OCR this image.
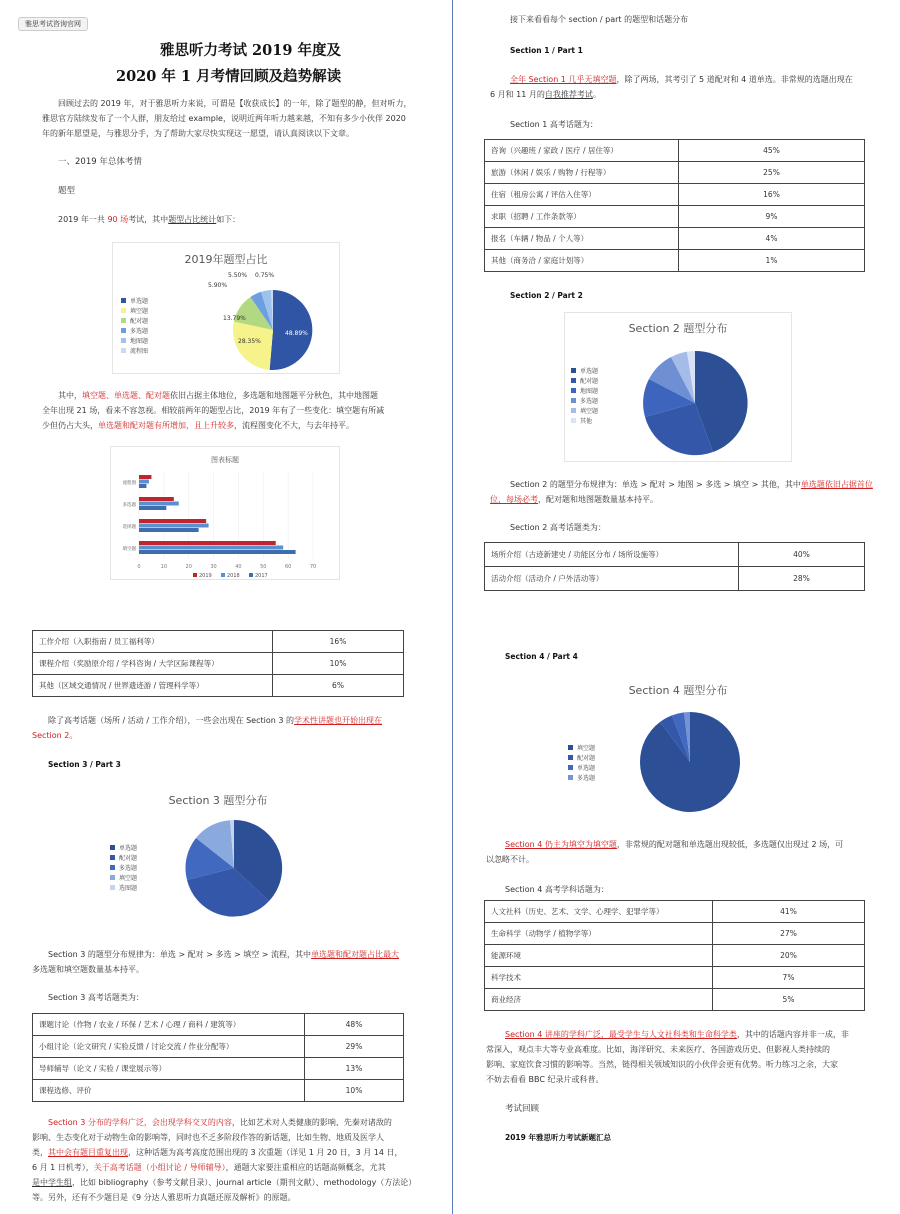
雅思考试咨询官网
雅思听力考试 2019 年度及
2020 年 1 月考情回顾及趋势解读
回顾过去的 2019 年，对于雅思听力来说，可谓是【收获成长】的一年，除了题型的静，但对听力，
雅思官方陆续发布了一个人群，朋友给过 example，说明近两年听力越来越，不知有多少小伙伴 2020
年的新年愿望是，与雅思分手，为了帮助大家尽快实现这一愿望，请认真阅读以下文章。
一、2019 年总体考情
题型
2019 年一共 90 场考试，其中题型占比统计如下：
2019年题型占比
单选题
填空题
配对题
多选题
地图题
流程图
48.89%
28.35%
13.79%
5.90%
5.50% 0.75%
其中，填空题、单选题、配对题依旧占据主体地位，多选题和地图题平分秋色，其中地图题
全年出现 21 场，看来不容忽视。相较前两年的题型占比，2019 年有了一些变化：填空题有所减
少但仍占大头，单选题和配对题有所增加，且上升较多，流程图变化不大，与去年持平。
图表标题
0	10	20	30	40	50	60	70
流程图
多选题
选择题
填空题
2019	2018	2017
工作介绍（入职指南 / 员工福利等）	16%
课程介绍（奖励原介绍 / 学科咨询 / 大学区际课程等）	10%
其他（区域交通情况 / 世界遗迹游 / 管理科学等）	6%
除了高考话题（场所 / 活动 / 工作介绍），一些会出现在 Section 3 的学术性讲题也开始出现在
Section 2。
Section 3 / Part 3
Section 3 题型分布
单选题
配对题
多选题
填空题
选图题
Section 3 的题型分布规律为：单选 > 配对 > 多选 > 填空 > 流程，其中单选题和配对题占比最大
多选题和填空题数量基本持平。
Section 3 高考话题类为：
课题讨论（作物 / 农业 / 环保 / 艺术 / 心理 / 商科 / 建筑等）	48%
小组讨论（论文研究 / 实验反馈 / 讨论交流 / 作业分配等）	29%
导师辅导（论文 / 实验 / 课堂展示等）	13%
课程选修、评价	10%
Section 3 分布的学科广泛，会出现学科交叉的内容，比如艺术对人类健康的影响、先秦对诸敌的
影响、生态变化对于动物生命的影响等，同时也不乏多阶段作答的新话题，比如生物、地质及医学人
类，其中会有题目重复出现，这种话题为高考高度范围出现的 3 次重题（详见 1 月 20 日，3 月 14 日，
6 月 1 日机考），关于高考话题（小组讨论 / 导师辅导），通题大家要注重相应的话题高频概念，尤其
是中学生组，比如 bibliography（参考文献目录）、journal article（期刊文献）、methodology（方法论）
等。另外，还有不少题目是《9 分达人雅思听力真题还原及解析》的原题。
接下来看看每个 section / part 的题型和话题分布
Section 1 / Part 1
全年 Section 1 几乎无填空题，除了两场，其考引了 5 道配对和 4 道单选。非常规的选题出现在
6 月和 11 月的自我推荐考试。
Section 1 高考话题为：
咨询（兴趣班 / 家政 / 医疗 / 居住等）	45%
旅游（休闲 / 娱乐 / 购物 / 行程等）	25%
住宿（租房公寓 / 评估入住等）	16%
求职（招聘 / 工作条款等）	9%
报名（车辆 / 物品 / 个人等）	4%
其他（商务洽 / 家庭计划等）	1%
Section 2 / Part 2
Section 2 题型分布
单选题
配对题
地图题
多选题
填空题
其他
Section 2 的题型分布规律为：单选 > 配对 > 地图 > 多选 > 填空 > 其他，其中单选题依旧占据首位
位，每场必考，配对题和地图题数量基本持平。
Section 2 高考话题类为：
场所介绍（古迹新建史 / 功能区分布 / 场所设施等）	40%
活动介绍（活动介 / 户外活动等）	28%
Section 4 / Part 4
Section 4 题型分布
填空题
配对题
单选题
多选题
Section 4 仍主为填空为填空题，非常规的配对题和单选题出现较低，多选题仅出现过 2 场，可
以忽略不计。
Section 4 高考学科话题为：
人文社科（历史、艺术、文学、心理学、犯罪学等）	41%
生命科学（动物学 / 植物学等）	27%
能源环境	20%
科学技术	7%
商业经济	5%
Section 4 讲座的学科广泛，最受学生与人文社科类和生命科学类，其中的话题内容并非一成，非
常深入，观点丰大等专业高难度。比如，海洋研究、未来医疗、各国游戏历史、但影视人类持续的
影响、家庭饮食习惯的影响等。当然，链得相关领域知识的小伙伴会更有优势。听力练习之余，大家
不妨去看看 BBC 纪录片或科普。
考试回顾
2019 年雅思听力考试新题汇总
